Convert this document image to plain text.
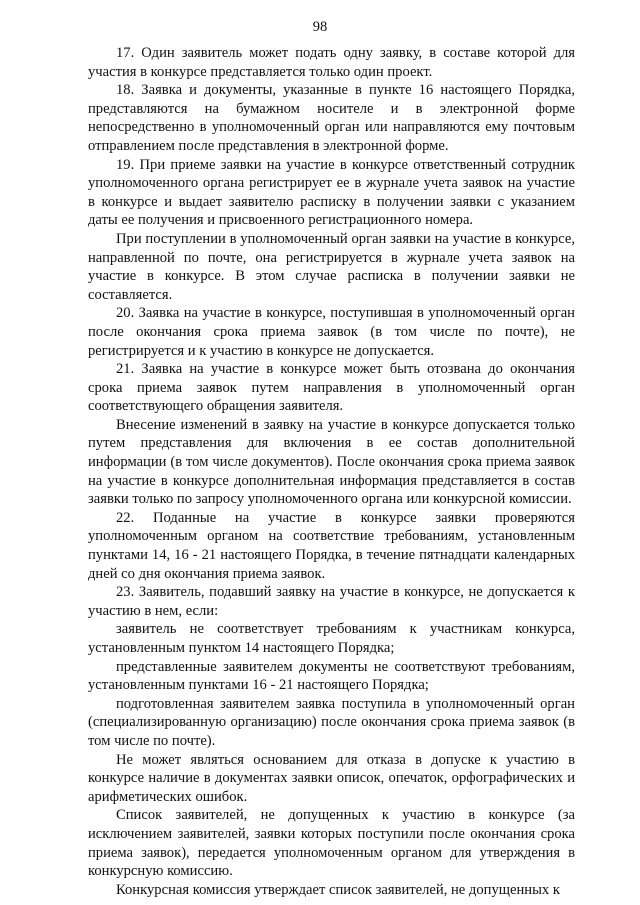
98

17. Один заявитель может подать одну заявку, в составе которой для участия в конкурсе представляется только один проект.

18. Заявка и документы, указанные в пункте 16 настоящего Порядка, представляются на бумажном носителе и в электронной форме непосредственно в уполномоченный орган или направляются ему почтовым отправлением после представления в электронной форме.

19. При приеме заявки на участие в конкурсе ответственный сотрудник уполномоченного органа регистрирует ее в журнале учета заявок на участие в конкурсе и выдает заявителю расписку в получении заявки с указанием даты ее получения и присвоенного регистрационного номера.

При поступлении в уполномоченный орган заявки на участие в конкурсе, направленной по почте, она регистрируется в журнале учета заявок на участие в конкурсе. В этом случае расписка в получении заявки не составляется.

20. Заявка на участие в конкурсе, поступившая в уполномоченный орган после окончания срока приема заявок (в том числе по почте), не регистрируется и к участию в конкурсе не допускается.

21. Заявка на участие в конкурсе может быть отозвана до окончания срока приема заявок путем направления в уполномоченный орган соответствующего обращения заявителя.

Внесение изменений в заявку на участие в конкурсе допускается только путем представления для включения в ее состав дополнительной информации (в том числе документов). После окончания срока приема заявок на участие в конкурсе дополнительная информация представляется в состав заявки только по запросу уполномоченного органа или конкурсной комиссии.

22. Поданные на участие в конкурсе заявки проверяются уполномоченным органом на соответствие требованиям, установленным пунктами 14, 16 - 21 настоящего Порядка, в течение пятнадцати календарных дней со дня окончания приема заявок.

23. Заявитель, подавший заявку на участие в конкурсе, не допускается к участию в нем, если:

заявитель не соответствует требованиям к участникам конкурса, установленным пунктом 14 настоящего Порядка;

представленные заявителем документы не соответствуют требованиям, установленным пунктами 16 - 21 настоящего Порядка;

подготовленная заявителем заявка поступила в уполномоченный орган (специализированную организацию) после окончания срока приема заявок (в том числе по почте).

Не может являться основанием для отказа в допуске к участию в конкурсе наличие в документах заявки описок, опечаток, орфографических и арифметических ошибок.

Список заявителей, не допущенных к участию в конкурсе (за исключением заявителей, заявки которых поступили после окончания срока приема заявок), передается уполномоченным органом для утверждения в конкурсную комиссию.

Конкурсная комиссия утверждает список заявителей, не допущенных к
